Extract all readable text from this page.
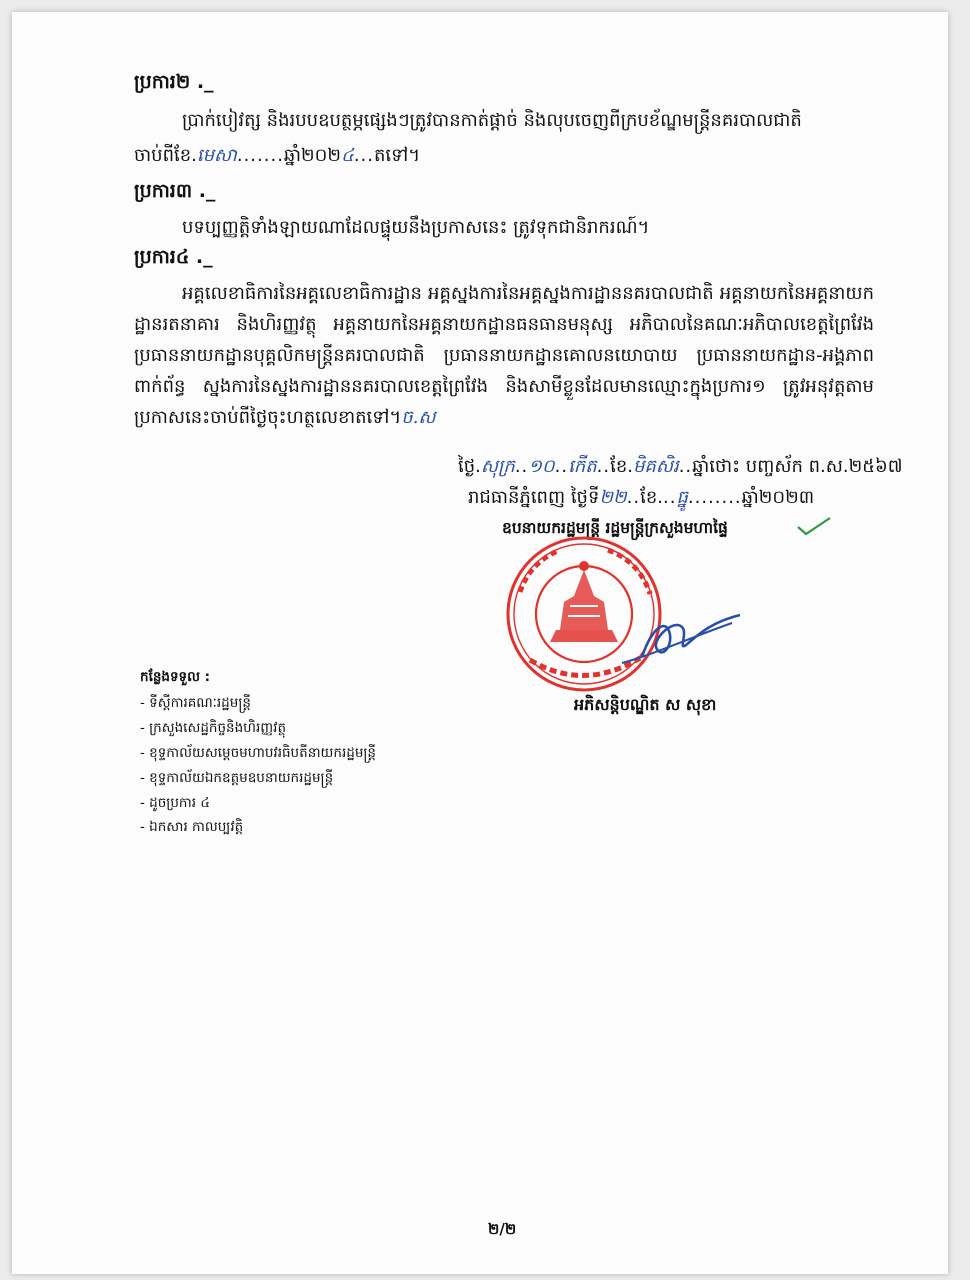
ប្រការ២ ._
ប្រាក់បៀវត្ស និងរបបឧបត្ថម្ភផ្សេងៗត្រូវបានកាត់ផ្តាច់ និងលុបចេញពីក្របខ័ណ្ឌមន្ត្រីនគរបាលជាតិ
ចាប់ពីខែ.មេសា.......ឆ្នាំ២០២៤...តទៅ។
ប្រការ៣ ._
បទប្បញ្ញត្តិទាំងឡាយណាដែលផ្ទុយនឹងប្រកាសនេះ ត្រូវទុកជានិរាករណ៍។
ប្រការ៤ ._
អគ្គលេខាធិការនៃអគ្គលេខាធិការដ្ឋាន អគ្គស្នងការនៃអគ្គស្នងការដ្ឋាននគរបាលជាតិ អគ្គនាយកនៃអគ្គនាយកដ្ឋានរតនាគារ និងហិរញ្ញវត្ថុ អគ្គនាយកនៃអគ្គនាយកដ្ឋានធនធានមនុស្ស អភិបាលនៃគណៈអភិបាលខេត្តព្រៃវែង ប្រធាននាយកដ្ឋានបុគ្គលិកមន្ត្រីនគរបាលជាតិ ប្រធាននាយកដ្ឋានគោលនយោបាយ ប្រធាននាយកដ្ឋាន-អង្គភាពពាក់ព័ន្ធ ស្នងការនៃស្នងការដ្ឋាននគរបាលខេត្តព្រៃវែង និងសាមីខ្លួនដែលមានឈ្មោះក្នុងប្រការ១ ត្រូវអនុវត្តតាមប្រកាសនេះចាប់ពីថ្ងៃចុះហត្ថលេខាតទៅ។ច.ស
ថ្ងៃ.សុក្រ..១០..កើត..ខែ.មិគសិរ..ឆ្នាំថោះ បញ្ចស័ក ព.ស.២៥៦៧
រាជធានីភ្នំពេញ ថ្ងៃទី២២..ខែ...ធ្នូ........ឆ្នាំ២០២៣
ឧបនាយករដ្ឋមន្ត្រី រដ្ឋមន្ត្រីក្រសួងមហាផ្ទៃ
អភិសន្តិបណ្ឌិត ស សុខា
កន្លែងទទួល :
- ទីស្តីការគណៈរដ្ឋមន្ត្រី
- ក្រសួងសេដ្ឋកិច្ចនិងហិរញ្ញវត្ថុ
- ខុទ្ទកាល័យសម្តេចមហាបវរធិបតីនាយករដ្ឋមន្ត្រី
- ខុទ្ទកាល័យឯកឧត្តមឧបនាយករដ្ឋមន្ត្រី
- ដូចប្រការ ៤
- ឯកសារ កាលប្បវត្តិ
២/២
